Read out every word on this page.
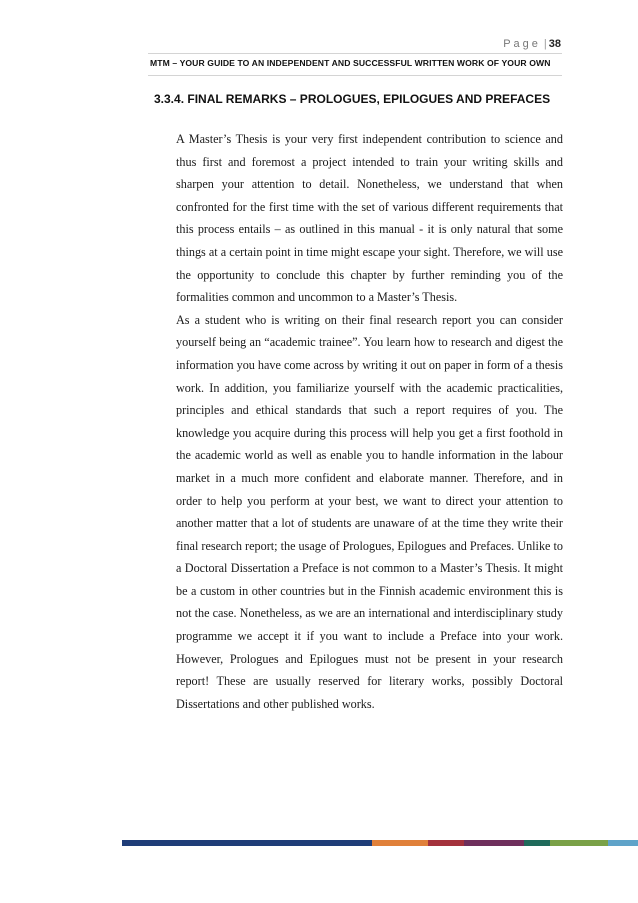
Page | 38
MTM – YOUR GUIDE TO AN INDEPENDENT AND SUCCESSFUL WRITTEN WORK OF YOUR OWN
3.3.4. FINAL REMARKS – PROLOGUES, EPILOGUES AND PREFACES

A Master’s Thesis is your very first independent contribution to science and thus first and foremost a project intended to train your writing skills and sharpen your attention to detail. Nonetheless, we understand that when confronted for the first time with the set of various different requirements that this process entails – as outlined in this manual - it is only natural that some things at a certain point in time might escape your sight. Therefore, we will use the opportunity to conclude this chapter by further reminding you of the formalities common and uncommon to a Master’s Thesis.

As a student who is writing on their final research report you can consider yourself being an “academic trainee”. You learn how to research and digest the information you have come across by writing it out on paper in form of a thesis work. In addition, you familiarize yourself with the academic practicalities, principles and ethical standards that such a report requires of you. The knowledge you acquire during this process will help you get a first foothold in the academic world as well as enable you to handle information in the labour market in a much more confident and elaborate manner. Therefore, and in order to help you perform at your best, we want to direct your attention to another matter that a lot of students are unaware of at the time they write their final research report; the usage of Prologues, Epilogues and Prefaces. Unlike to a Doctoral Dissertation a Preface is not common to a Master’s Thesis. It might be a custom in other countries but in the Finnish academic environment this is not the case. Nonetheless, as we are an international and interdisciplinary study programme we accept it if you want to include a Preface into your work. However, Prologues and Epilogues must not be present in your research report! These are usually reserved for literary works, possibly Doctoral Dissertations and other published works.
